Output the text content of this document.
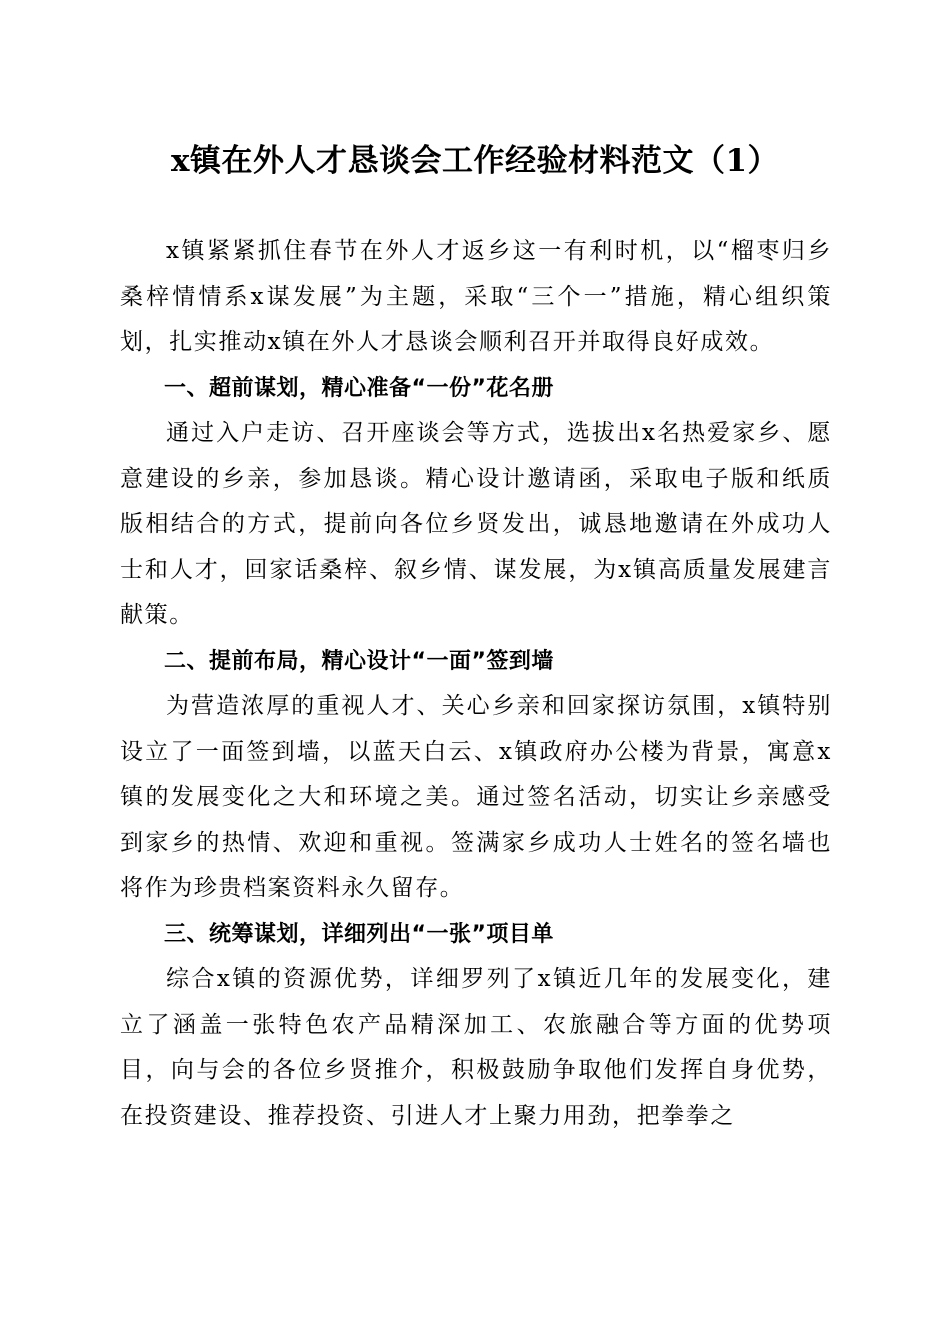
x镇在外人才恳谈会工作经验材料范文（1）

x镇紧紧抓住春节在外人才返乡这一有利时机，以“榴枣归乡桑梓情情系x谋发展”为主题，采取“三个一”措施，精心组织策划，扎实推动x镇在外人才恳谈会顺利召开并取得良好成效。

一、超前谋划，精心准备“一份”花名册

通过入户走访、召开座谈会等方式，选拔出x名热爱家乡、愿意建设的乡亲，参加恳谈。精心设计邀请函，采取电子版和纸质版相结合的方式，提前向各位乡贤发出，诚恳地邀请在外成功人士和人才，回家话桑梓、叙乡情、谋发展，为x镇高质量发展建言献策。

二、提前布局，精心设计“一面”签到墙

为营造浓厚的重视人才、关心乡亲和回家探访氛围，x镇特别设立了一面签到墙，以蓝天白云、x镇政府办公楼为背景，寓意x镇的发展变化之大和环境之美。通过签名活动，切实让乡亲感受到家乡的热情、欢迎和重视。签满家乡成功人士姓名的签名墙也将作为珍贵档案资料永久留存。

三、统筹谋划，详细列出“一张”项目单

综合x镇的资源优势，详细罗列了x镇近几年的发展变化，建立了涵盖一张特色农产品精深加工、农旅融合等方面的优势项目，向与会的各位乡贤推介，积极鼓励争取他们发挥自身优势，在投资建设、推荐投资、引进人才上聚力用劲，把拳拳之
